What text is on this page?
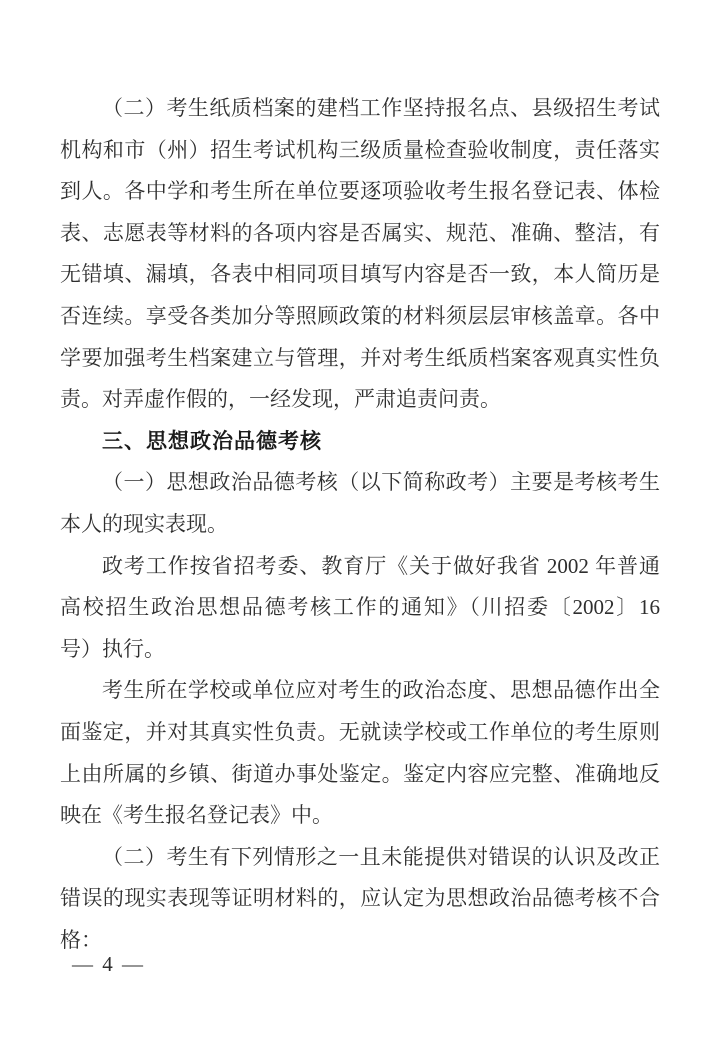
（二）考生纸质档案的建档工作坚持报名点、县级招生考试
机构和市（州）招生考试机构三级质量检查验收制度，责任落实
到人。各中学和考生所在单位要逐项验收考生报名登记表、体检
表、志愿表等材料的各项内容是否属实、规范、准确、整洁，有
无错填、漏填，各表中相同项目填写内容是否一致，本人简历是
否连续。享受各类加分等照顾政策的材料须层层审核盖章。各中
学要加强考生档案建立与管理，并对考生纸质档案客观真实性负
责。对弄虚作假的，一经发现，严肃追责问责。
三、思想政治品德考核
（一）思想政治品德考核（以下简称政考）主要是考核考生
本人的现实表现。
政考工作按省招考委、教育厅《关于做好我省 2002 年普通
高校招生政治思想品德考核工作的通知》（川招委〔2002〕16
号）执行。
考生所在学校或单位应对考生的政治态度、思想品德作出全
面鉴定，并对其真实性负责。无就读学校或工作单位的考生原则
上由所属的乡镇、街道办事处鉴定。鉴定内容应完整、准确地反
映在《考生报名登记表》中。
（二）考生有下列情形之一且未能提供对错误的认识及改正
错误的现实表现等证明材料的，应认定为思想政治品德考核不合
格：
— 4 —
